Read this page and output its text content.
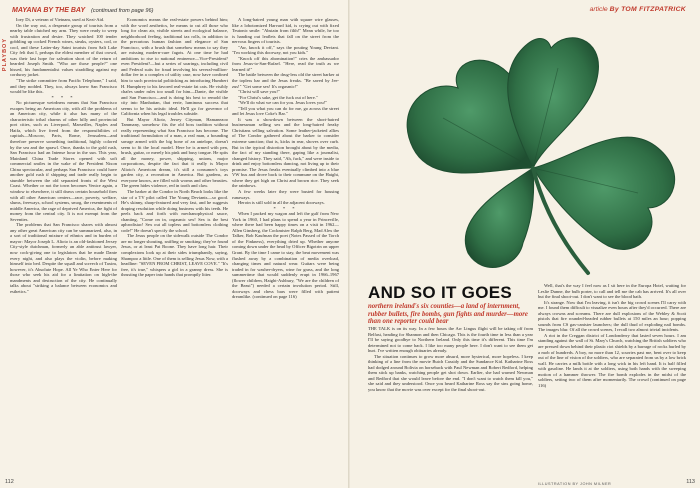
PLAYBOY
MAYANA BY THE BAY (continued from page 96)

Ioey Di, a veteran of Vietnam, used at Kezi-Aid.

On the way out, a desperate group of tourists from a nearby table clutched my arm. They were ready to weep with frustration and desire. They watched 100 tender gobbling up cocked French wines, steaks, oysters, cod, or cool, and these Latter-day Saint tourists from Salt Lake City felt that I, perhaps the eldest member of that crowd, was their last hope for salvation short of the return of bearded Joseph Smith. "Who are those people?" one hissed, his fundamentalist values straddling against my corduroy jacket.

"The strike committee from Pacific Telephone," I said, and they nodded. They, too, always knew San Francisco would be like this.

* * *

No picturesque weirdness means that San Francisco escapes being an American city, with all the problems of an American city, while it also has many of the characteristic tribal charms of other hilly and provincial port cities, such as Liverpool, Marseilles, Naples and Haifa, which live freed from the responsibilities of capitals—Moscow, Paris, Rome, Jerusalem—and therefore preserve something traditional, highly colored by the sea and the sprawl. Once, thanks to the gold rush, San Francisco had an Intense hour in the sun. This year, Mainland China Trade Stores opened with soft commercial smiles in the wake of the President Nixon China spectacular, and perhaps San Francisco could have another gold rush if shipping and trade really begin to stumble between the old separated fronts of the West Coast. Whether or not the town becomes Venice again, a window to elsewhere, it still draws certain household fires with all other American centers—race, poverty, welfare, slums, freeways, school systems, smog, the resentments of middle America, the rage of deprived America, the fight of money from the central city. It is not exempt from the Seventies.

The problems that San Francisco shares with almost any other great American city can be summarized, also, in a sort of traditional mixture of ethnics and in burden of mayor: Mayor Joseph L. Alioto is an old-fashioned Jersey City-style dutchman, formerly an able antitrust lawyer, now cock-giving one to legislators that he made Dante every night, and also plays the violin, before making himself into bed. Despite the squall and screech of Taxim, however, it's Absolute Hope. All Ye Who Enter Here for those who seek his aid for a limitation on high-the mandments and destruction of the city. He continually talks about "striking a balance between economics and esthetics."

Economics means the real-estate powers behind him; with the word aesthetics, he means to cut all those who long for clean air, visible streets and ecological balance, neighborhood feeling, traditional tax rolls, in addition to the precarious human fashion and elegance of San Francisco, with a brush that somehow means to say they are missing modern-cure fagots. At one time he had ambitions to rise to national eminence—Vice-President? even President?—but a series of soarings, including civil and Federal suits for fraud involving his several-million-dollar fee in a complex of utility case, now have confined him to such provincial politicking as introducing Humbert H. Humphrey to his favored real-estate fat cats. He visibly chafes under rules too small for him—Dante, the visible and San Francisco—and is doing his best to remold the city into Manhattan, that eerie, luminous success that seems to be his artistic ideal. He'll go for governor of California when his legal troubles subside.

But Mayor Alioto, Jersey Cityman, Hamaneaoo Tammany, somehow fits the old boss tradition without really representing what San Francisco has become. The traditional formulation of a man, a real man, a bounding savage armed with the big bone of an antelope, doesn't seem to fit the local model. Here he is armed with pen, brush, guitar, or merely his pink and busy tongue. He spits all the money, power, shipping, unions, major corporations, despite the fact that it really is Mayor Alioto's American dream, it's still a consumer's toys garden city, a recreation in America. But gardens, as everyone knows, are filled with worms and other beasties. The green hides violence, red in tooth and claw.

The barker at the Condor in North Beach looks like the star of a TV pilot called The Young Deviants—so good. He's skinny, sharp-featured and very fast, and he suggests draping resolution while doing business with his teeth. He peels back and forth with mechanophysical sauce, chanting, "Come on in, orgasmic sex! Sex is the best aphrodisiac! Sex out all topless and bottomless clothing code!" He doesn't specify the school.

The Jesus people on the sidewalk outside The Condor are no longer shouting, sniffing or smoking; they've found Jesus, or at least Pat Boone. They have long hair. Their complexions look up at their sides triumphantly, saying, Shampoo a little. One of them is selling Jesus Now, with a headline: "SEVEN FROM CHRIST, LEAVE COVE." "It's free, it's true," whispers a girl in a granny dress. She is thrusting the paper into hands that promptly litter.

A long-haired young man with square wire glasses, like a lobotomized Harvard kid, is crying out with fixed Teutonic smile: "Abstain from filth!" Mean while, he too is handing out leaflets that fall on the street from the nervous fingers of tourists.

"Aw, knock it off," says the pouting Young Deviant. "I'm working this doorway, not you kids."

"Knock off this abomination!" cries the ambassador from Jesus-to-San-Rafael. "Here, read the truth as we learned it!"

The battle between the drug-less old the street barker at the topless bar and the Jesus freaks. "Be saved by Jee-zus!" "Get some sex! It's orgasmic!"

"Christ will save you!"

"For Christ's sake, get the fuck out of here."

"We'll do what we can for you. Jesus loves you!"

"Tell you what you can do for me, go across the street and let Jesus love Coke's Bar."

It was a showdown between the short-haired businessman selling sex and the long-haired freaky Christians selling salvation. Some leather-jacketed allies of The Condor gathered about the barker to consider extreme sanction; that is, kicks in rear, shoves over curb. But in the typical distortion brought about by the media, the fact of my standing there, gaping like a journalist, changed history. They said, "Ah, fuck," and were inside to drink and enjoy bottomless dancing, not living up to their promise. The Jesus freaks eventually climbed into a blue VW bus and drove back to their commune on the Haight, where they get high on Christ and brown rice. They seek the rainbows.

A few weeks later they were busted for housing runaways.

Heroin is still sold in all the adjacent doorways.

* * *

When I packed my wagon and left the gulf from New York in 1960, I had plans to spend a year in Princeville, where there had been happy times on a visit in 1962—Allen Ginsberg, the Cockmister Ralph Berg, Mad Alex the Talker, Bob Kaufman the poet (Notes Passed of the Torch of the Finkness), everything dried up. Whether anyone coming down under the head by Officer Bigotrin on upper Grant. By the time I came to stay, the beat movement was flushed away by a combination of media overload, changing times and natural wear. Guitars were being traded in for washer-dryers, wine for grass, and the long summertime that would suddenly erupt in 1966–1967 (flower children, Haight-Ashbury, "We are the children of the Beast") needed a certain involution period. Still, doorways and chess bars were filled with patient dreamlike. (continued on page 116)

112
article By TOM FITZPATRICK
AND SO IT GOES
northern ireland's six counties—a land of internment, rubber bullets, fire bombs, gun fights and murder—more than one reporter could bear

THE TALK is on its way. In a few hours the Arr Lingus flight will be taking off from Belfast, heading for Shannon and then Chicago. This is the fourth time in less than a year I'll be saying goodbye to Northern Ireland. Only this time it's different. This time I'm determined not to come back. I like too many people here. I don't want to see them get hurt. I've written enough obituaries already.

The situation continues to grow more absurd, more hysterical, more hopeless. I keep thinking of a line from the movie Butch Cassidy and the Sundance Kid. Katharine Ross had dodged around Bolivia on horseback with Paul Newman and Robert Redford, helping them stick up banks, watching people get shot down. Earlier, she had warned Newman and Redford that she would leave before the end. "I don't want to watch them kill you," she said and they understood. Once you heard Katharine Ross say the sins going home, you know that the movie was over except for the final shoot-out.

Well, that's the way I feel now as I sit here in the Europa Hotel, waiting for Leslie Dunne, the bulb porter, to call and tell me the cab has arrived. It's all over but the final shoot-out. I don't want to see the blood bath.

It's strange. Now that I'm leaving, it isn't the big crowd scenes I'll carry with me. I found them difficult to visualize even hours after they'd occurred. There are always crowns and screams. There are dull explosions of the Webley & Scott pistols that fire rounded-headed rubber bullets at 150 miles an hour; popping sounds from CS gas-canister launchers; the dull thud of exploding nail bombs. The images blur. Of all the crowd scenes, I recall two almost trivial incidents.

A riot in the Creggan district of Londonderry that lasted seven hours. I am standing against the wall of St. Mary's Church, watching the British soldiers who are pressed down behind their plastic riot shields by a barrage of rocks hurled by a mob of hundreds. A boy, no more than 12, scurries past me, bent over to keep out of the line of vision of the soldiers, who are separated from us by a low brick wall. He carries a milk bottle with a long wick in his left hand. It is half filled with gasoline. He lands it at the soldiers, using both hands with the sweeping motion of a hammer thrower. The fire bomb explodes in the midst of the soldiers, setting two of them afire momentarily. The crowd (continued on page 116)

ILLUSTRATION BY JOHN MILNER	113
